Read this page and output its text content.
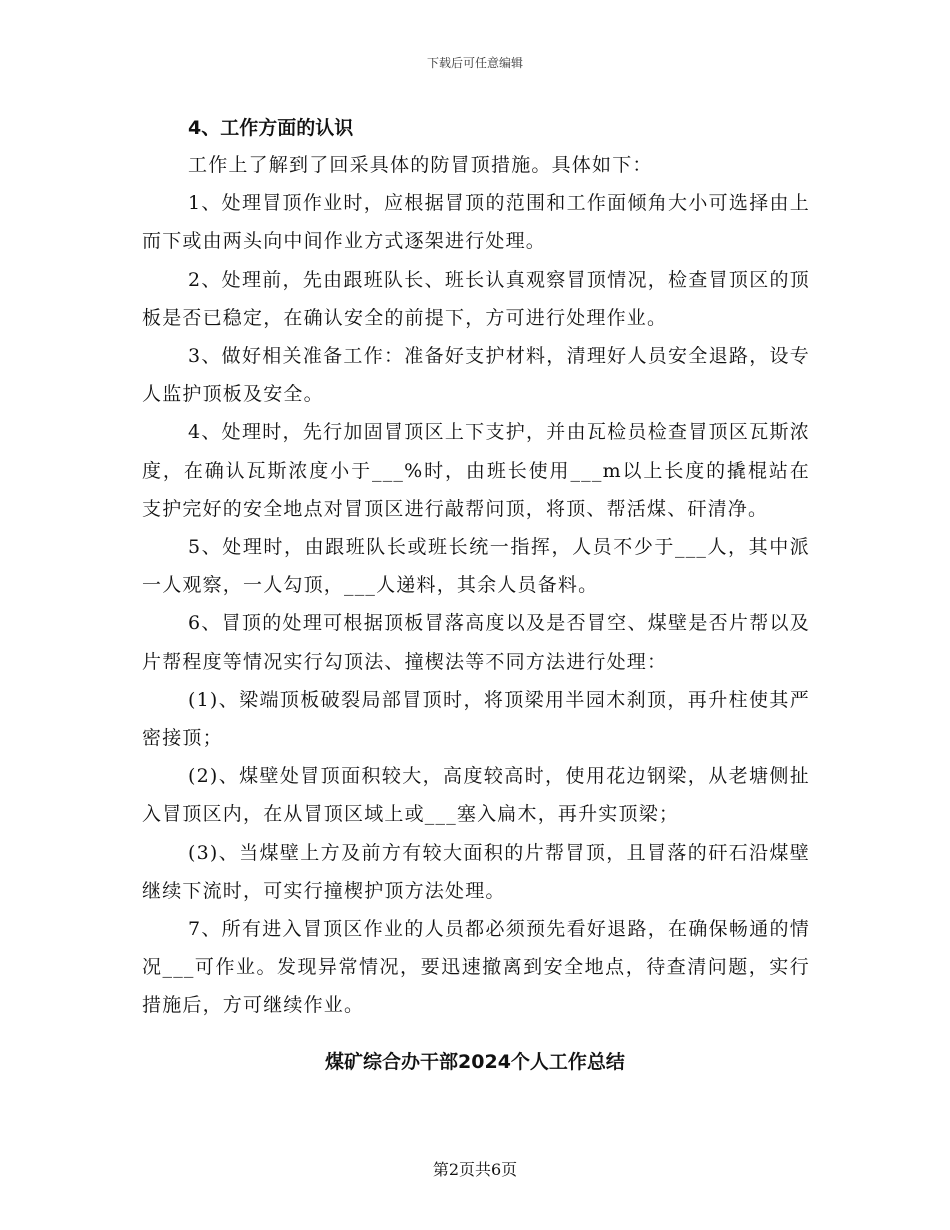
下载后可任意编辑
4、工作方面的认识

工作上了解到了回采具体的防冒顶措施。具体如下：

1、处理冒顶作业时，应根据冒顶的范围和工作面倾角大小可选择由上而下或由两头向中间作业方式逐架进行处理。

2、处理前，先由跟班队长、班长认真观察冒顶情况，检查冒顶区的顶板是否已稳定，在确认安全的前提下，方可进行处理作业。

3、做好相关准备工作：准备好支护材料，清理好人员安全退路，设专人监护顶板及安全。

4、处理时，先行加固冒顶区上下支护，并由瓦检员检查冒顶区瓦斯浓度，在确认瓦斯浓度小于___%时，由班长使用___m以上长度的撬棍站在支护完好的安全地点对冒顶区进行敲帮问顶，将顶、帮活煤、矸清净。

5、处理时，由跟班队长或班长统一指挥，人员不少于___人，其中派一人观察，一人勾顶，___人递料，其余人员备料。

6、冒顶的处理可根据顶板冒落高度以及是否冒空、煤壁是否片帮以及片帮程度等情况实行勾顶法、撞楔法等不同方法进行处理：

(1)、梁端顶板破裂局部冒顶时，将顶梁用半园木刹顶，再升柱使其严密接顶；

(2)、煤壁处冒顶面积较大，高度较高时，使用花边钢梁，从老塘侧扯入冒顶区内，在从冒顶区域上或___塞入扁木，再升实顶梁；

(3)、当煤壁上方及前方有较大面积的片帮冒顶，且冒落的矸石沿煤壁继续下流时，可实行撞楔护顶方法处理。

7、所有进入冒顶区作业的人员都必须预先看好退路，在确保畅通的情况___可作业。发现异常情况，要迅速撤离到安全地点，待查清问题，实行措施后，方可继续作业。

煤矿综合办干部2024个人工作总结
第2页共6页
